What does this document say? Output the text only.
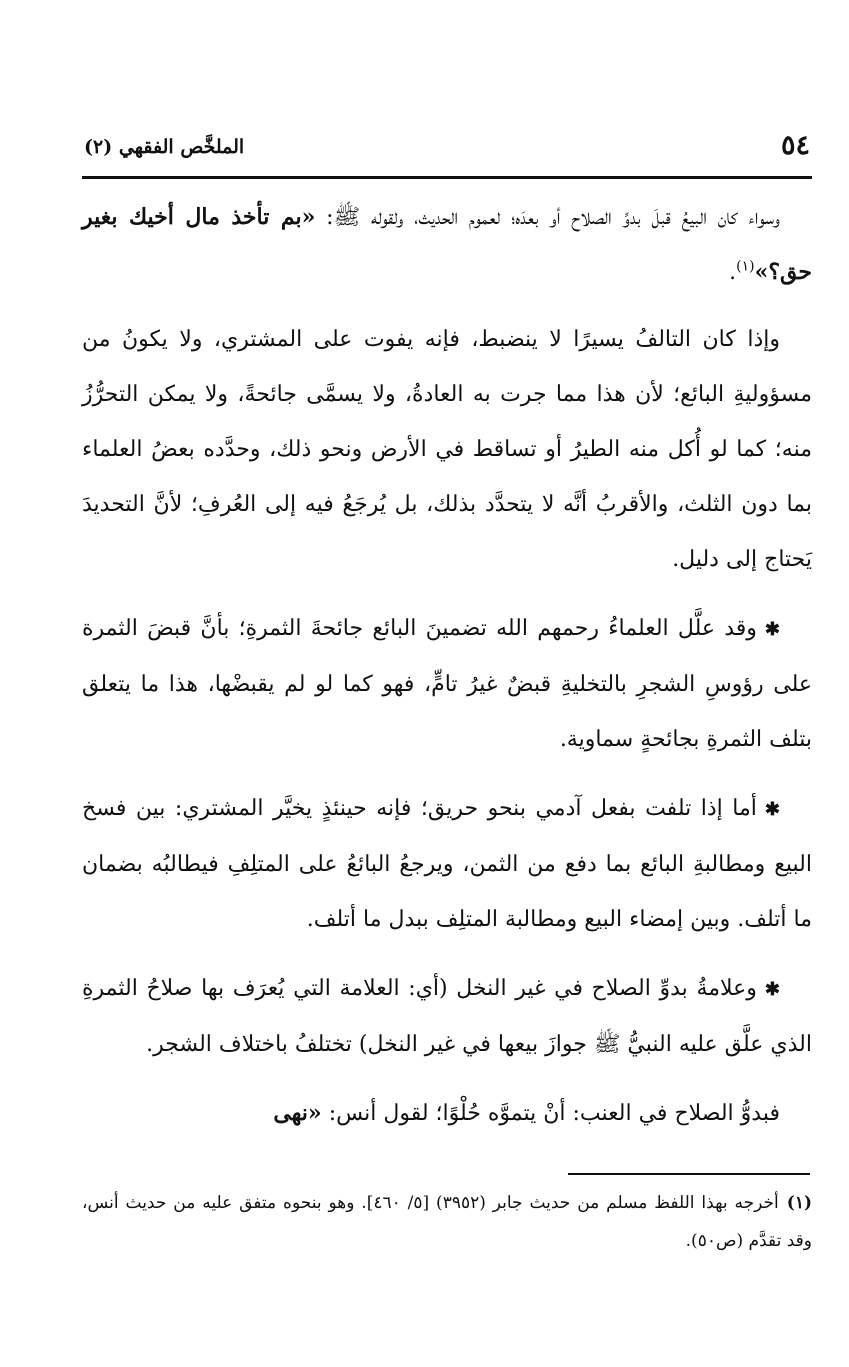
٥٤
الملخَّص الفقهي (٢)

وسواء كان البيعُ قبلَ بدوِّ الصلاح أو بعدَه؛ لعموم الحديث، ولقوله ﷺ: «بم تأخذ مال أخيك بغير حق؟»$^{(١)}$.

وإذا كان التالفُ يسيرًا لا ينضبط، فإنه يفوت على المشتري، ولا يكونُ من مسؤوليةِ البائع؛ لأن هذا مما جرت به العادةُ، ولا يسمَّى جائحةً، ولا يمكن التحرُّزُ منه؛ كما لو أُكل منه الطيرُ أو تساقط في الأرض ونحو ذلك، وحدَّده بعضُ العلماء بما دون الثلث، والأقربُ أنَّه لا يتحدَّد بذلك، بل يُرجَعُ فيه إلى العُرفِ؛ لأنَّ التحديدَ يَحتاج إلى دليل.

✱وقد علَّل العلماءُ رحمهم الله تضمينَ البائع جائحةَ الثمرةِ؛ بأنَّ قبضَ الثمرة على رؤوسِ الشجرِ بالتخليةِ قبضٌ غيرُ تامٍّ، فهو كما لو لم يقبضْها، هذا ما يتعلق بتلف الثمرةِ بجائحةٍ سماوية.

✱أما إذا تلفت بفعل آدمي بنحو حريق؛ فإنه حينئذٍ يخيَّر المشتري: بين فسخ البيع ومطالبةِ البائع بما دفع من الثمن، ويرجعُ البائعُ على المتلِفِ فيطالبُه بضمان ما أتلف. وبين إمضاء البيع ومطالبة المتلِف ببدل ما أتلف.

✱وعلامةُ بدوِّ الصلاح في غير النخل (أي: العلامة التي يُعرَف بها صلاحُ الثمرةِ الذي علَّق عليه النبيُّ ﷺ جوازَ بيعها في غير النخل) تختلفُ باختلاف الشجر.

فبدوُّ الصلاح في العنب: أنْ يتموَّه حُلْوًا؛ لقول أنس: «نهى

(١)أخرجه بهذا اللفظ مسلم من حديث جابر (٣٩٥٢) [٥/ ٤٦٠]. وهو بنحوه متفق عليه من حديث أنس، وقد تقدَّم (ص٥٠).
